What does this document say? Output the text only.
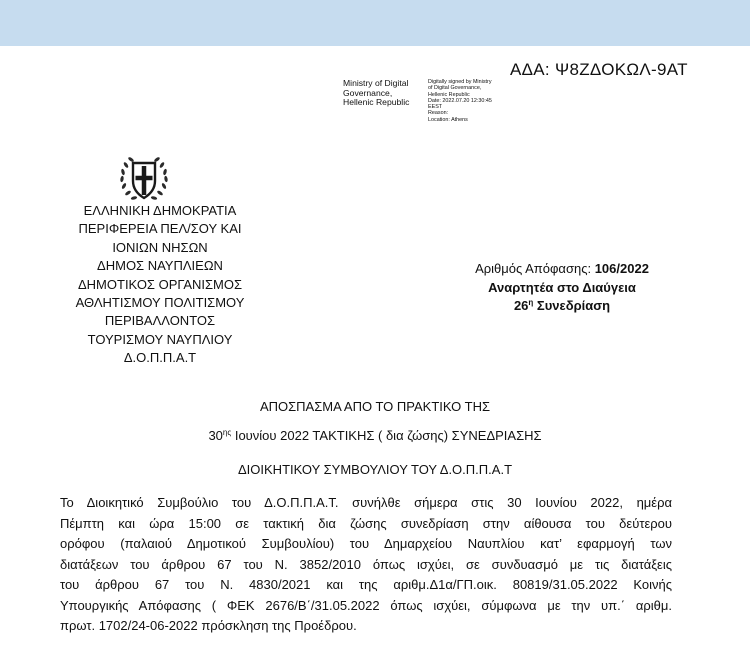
ΑΔΑ: Ψ8ΖΔΟΚΩΛ-9ΑΤ
Ministry of Digital
Governance,
Hellenic Republic
Digitally signed by Ministry
of Digital Governance,
Hellenic Republic
Date: 2022.07.20 12:30:45
EEST
Reason:
Location: Athens
ΕΛΛΗΝΙΚΗ ΔΗΜΟΚΡΑΤΙΑ
ΠΕΡΙΦΕΡΕΙΑ ΠΕΛ/ΣΟΥ ΚΑΙ
ΙΟΝΙΩΝ ΝΗΣΩΝ
ΔΗΜΟΣ ΝΑΥΠΛΙΕΩΝ
ΔΗΜΟΤΙΚΟΣ ΟΡΓΑΝΙΣΜΟΣ
ΑΘΛΗΤΙΣΜΟΥ ΠΟΛΙΤΙΣΜΟΥ
ΠΕΡΙΒΑΛΛΟΝΤΟΣ
ΤΟΥΡΙΣΜΟΥ ΝΑΥΠΛΙΟΥ
Δ.Ο.Π.Π.Α.Τ
Αριθμός Απόφασης: 106/2022
Αναρτητέα στο Διαύγεια
$26^\eta$ Συνεδρίαση
ΑΠΟΣΠΑΣΜΑ ΑΠΟ ΤΟ ΠΡΑΚΤΙΚΟ ΤΗΣ
$30^{\eta\varsigma}$ Ιουνίου 2022 ΤΑΚΤΙΚΗΣ ( δια ζώσης) ΣΥΝΕΔΡΙΑΣΗΣ
ΔΙΟΙΚΗΤΙΚΟΥ ΣΥΜΒΟΥΛΙΟΥ ΤΟΥ Δ.Ο.Π.Π.Α.Τ
Το Διοικητικό Συμβούλιο του Δ.Ο.Π.Π.Α.Τ. συνήλθε σήμερα στις 30 Ιουνίου 2022, ημέρα
Πέμπτη και ώρα 15:00 σε τακτική δια ζώσης συνεδρίαση στην αίθουσα του δεύτερου
ορόφου (παλαιού Δημοτικού Συμβουλίου) του Δημαρχείου Ναυπλίου κατ’ εφαρμογή των
διατάξεων του άρθρου 67 του Ν. 3852/2010 όπως ισχύει, σε συνδυασμό με τις διατάξεις
του άρθρου 67 του Ν. 4830/2021 και της αριθμ.Δ1α/ΓΠ.οικ. 80819/31.05.2022 Κοινής
Υπουργικής Απόφασης ( ΦΕΚ 2676/Β΄/31.05.2022 όπως ισχύει, σύμφωνα με την υπ.΄ αριθμ.
πρωτ. 1702/24-06-2022 πρόσκληση της Προέδρου.
